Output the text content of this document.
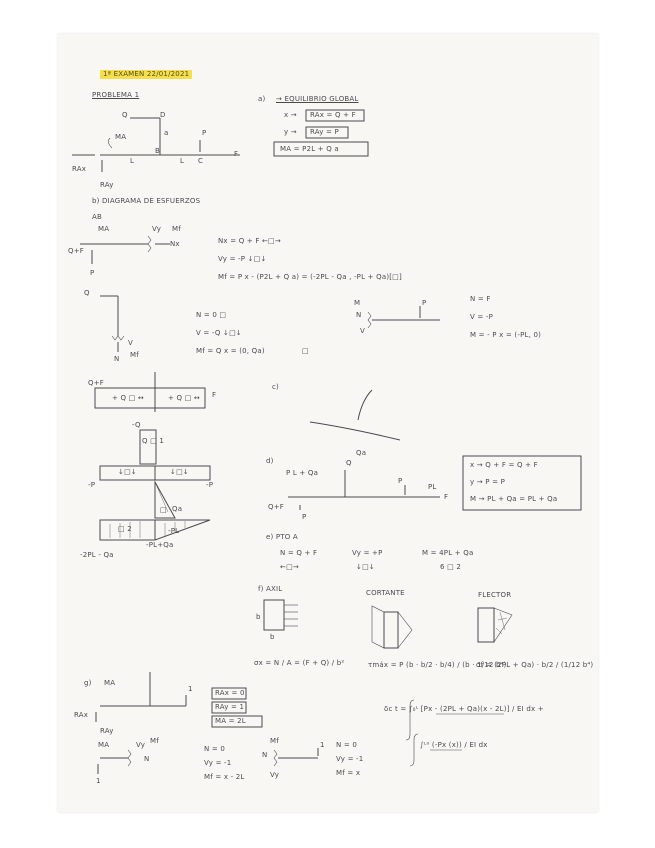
1ª EXAMEN 22/01/2021
PROBLEMA 1
Q	D
a	P
MA
B
C
L	L
F
RAx
RAy
a) → EQUILIBRIO GLOBAL
x → RAx = Q + F
y → RAy = P
MA = P2L + Q a
b) DIAGRAMA DE ESFUERZOS
AB
MA	Vy Mf
Nx
Q+F
P
Nx = Q + F ←□→
Vy = -P ↓□↓
Mf = P x - (P2L + Q a) = (-2PL - Qa , -PL + Qa)[□]
Q
N
V
Mf
N = 0 □
V = -Q ↓□↓
Mf = Q x = (0, Qa)	□
N
V
M	P	N = F
V = -P
M = - P x = (-PL, 0)
Q+F
+ Q □ ↔	+ Q □ ↔ F
-Q
Q □ 1
↓□↓	↓□↓
-P	-P
Qa
□
□ 2	-PL
-PL+Qa
-2PL - Qa
c)
d)
Qa
Q
P L + Qa
P
PL
Q+F
P
F
x → Q + F = Q + F
y → P = P
M → PL + Qa = PL + Qa
e) PTO A
N = Q + F
←□→
Vy = +P
↓□↓
M = 4PL + Qa
6 □ 2
f) AXIL	CORTANTE	FLECTOR
b
b
σx = N / A = (F + Q) / b²	τmáx = P (b · b/2 · b/4) / (b · 1/12 b⁴)
σf = (2PL + Qa) · b/2 / (1/12 b⁴)
g) MA
1
RAx
RAy
RAx = 0
RAy = 1
MA = 2L
MA	Vy Mf
N
1
Mf
N
Vy
1
N = 0
Vy = -1
Mf = x - 2L
N = 0
Vy = -1
Mf = x
δc t = ∫₀ᴸ [Px - (2PL + Qa)(x - 2L)] / EI dx +
∫ᴸ⁰ (-Px (x)) / EI dx
